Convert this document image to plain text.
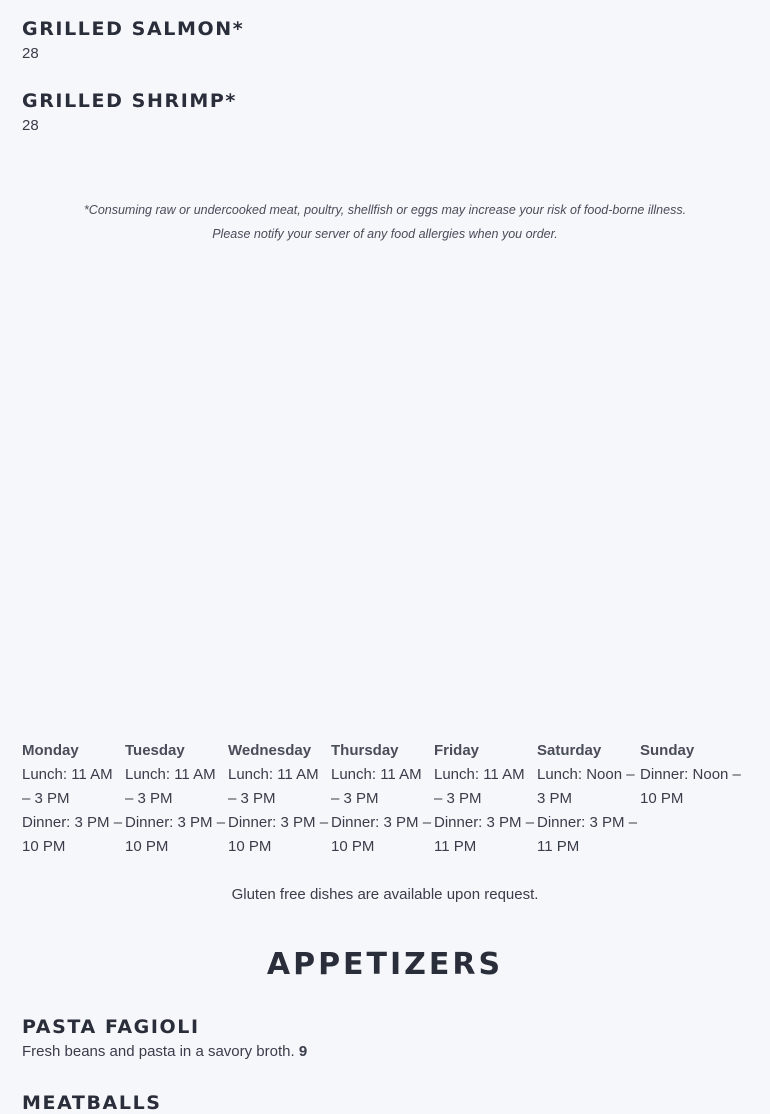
GRILLED SALMON*
28
GRILLED SHRIMP*
28
*Consuming raw or undercooked meat, poultry, shellfish or eggs may increase your risk of food-borne illness.
Please notify your server of any food allergies when you order.
Monday
Lunch: 11 AM – 3 PM
Dinner: 3 PM – 10 PM
Tuesday
Lunch: 11 AM – 3 PM
Dinner: 3 PM – 10 PM
Wednesday
Lunch: 11 AM – 3 PM
Dinner: 3 PM – 10 PM
Thursday
Lunch: 11 AM – 3 PM
Dinner: 3 PM – 10 PM
Friday
Lunch: 11 AM – 3 PM
Dinner: 3 PM – 11 PM
Saturday
Lunch: Noon – 3 PM
Dinner: 3 PM – 11 PM
Sunday
Dinner: Noon – 10 PM
Gluten free dishes are available upon request.
APPETIZERS
PASTA FAGIOLI
Fresh beans and pasta in a savory broth. 9
MEATBALLS
